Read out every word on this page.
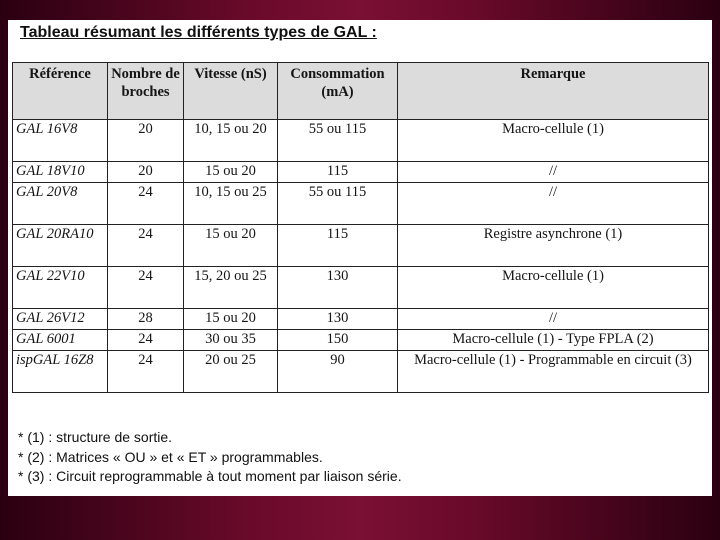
Tableau résumant les différents types de GAL :
Référence	Nombre de broches	Vitesse (nS)	Consommation (mA)	Remarque
GAL 16V8	20	10, 15 ou 20	55 ou 115	Macro-cellule (1)
GAL 18V10	20	15 ou 20	115	//
GAL 20V8	24	10, 15 ou 25	55 ou 115	//
GAL 20RA10	24	15 ou 20	115	Registre asynchrone (1)
GAL 22V10	24	15, 20 ou 25	130	Macro-cellule (1)
GAL 26V12	28	15 ou 20	130	//
GAL 6001	24	30 ou 35	150	Macro-cellule (1) - Type FPLA (2)
ispGAL 16Z8	24	20 ou 25	90	Macro-cellule (1) - Programmable en circuit (3)
* (1) : structure de sortie.
* (2) : Matrices « OU » et « ET » programmables.
* (3) : Circuit reprogrammable à tout moment par liaison série.
